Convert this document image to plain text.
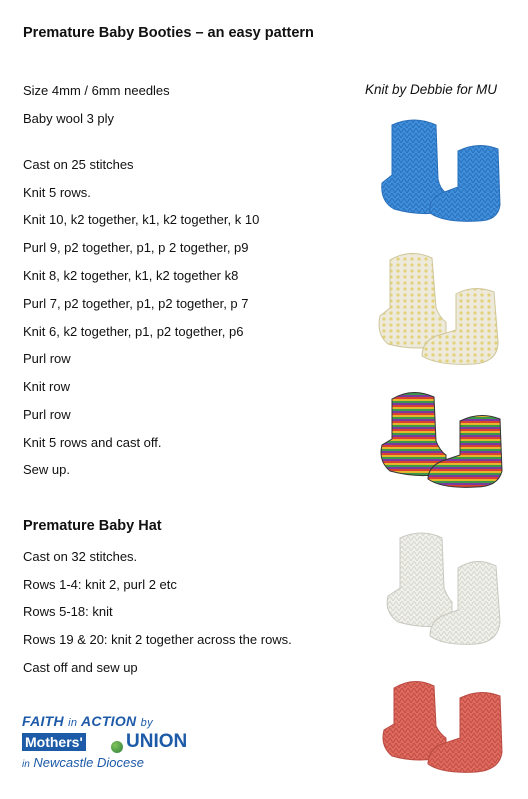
Premature Baby Booties – an easy pattern
Knit by Debbie for MU
Size 4mm / 6mm needles
Baby wool 3 ply
Cast on 25 stitches
Knit 5 rows.
Knit 10, k2 together, k1, k2 together, k 10
Purl 9, p2 together, p1, p 2 together, p9
Knit 8, k2 together, k1, k2 together k8
Purl 7, p2 together, p1, p2 together, p 7
Knit 6, k2 together, p1, p2 together, p6
Purl row
Knit row
Purl row
Knit 5 rows and cast off.
Sew up.
Premature Baby Hat
Cast on 32 stitches.
Rows 1-4: knit 2, purl 2 etc
Rows 5-18: knit
Rows 19 & 20: knit 2 together across the rows.
Cast off and sew up
FAITH in ACTION by
Mothers' UNION
in Newcastle Diocese
